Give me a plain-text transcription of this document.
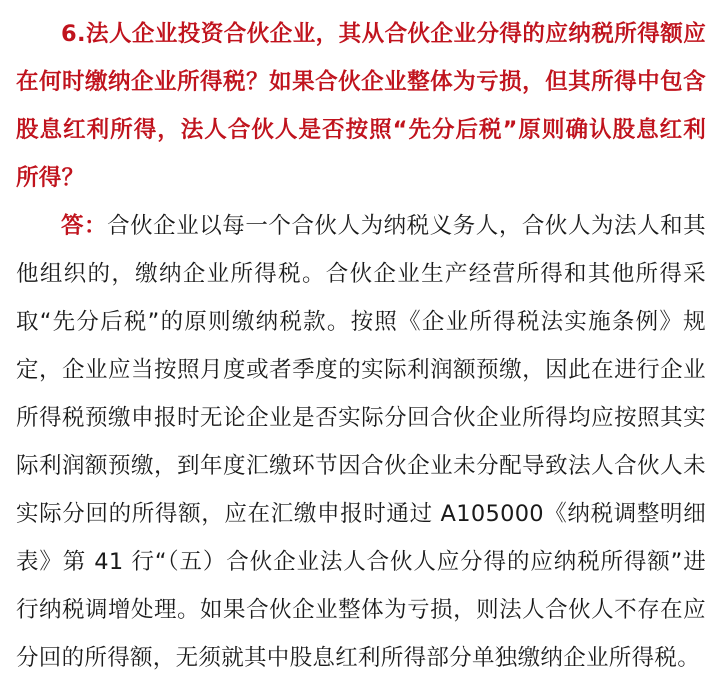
6.法人企业投资合伙企业，其从合伙企业分得的应纳税所得额应在何时缴纳企业所得税？如果合伙企业整体为亏损，但其所得中包含股息红利所得，法人合伙人是否按照“先分后税”原则确认股息红利所得？

答：合伙企业以每一个合伙人为纳税义务人，合伙人为法人和其他组织的，缴纳企业所得税。合伙企业生产经营所得和其他所得采取“先分后税”的原则缴纳税款。按照《企业所得税法实施条例》规定，企业应当按照月度或者季度的实际利润额预缴，因此在进行企业所得税预缴申报时无论企业是否实际分回合伙企业所得均应按照其实际利润额预缴，到年度汇缴环节因合伙企业未分配导致法人合伙人未实际分回的所得额，应在汇缴申报时通过 A105000《纳税调整明细表》第 41 行“（五）合伙企业法人合伙人应分得的应纳税所得额”进行纳税调增处理。如果合伙企业整体为亏损，则法人合伙人不存在应分回的所得额，无须就其中股息红利所得部分单独缴纳企业所得税。
